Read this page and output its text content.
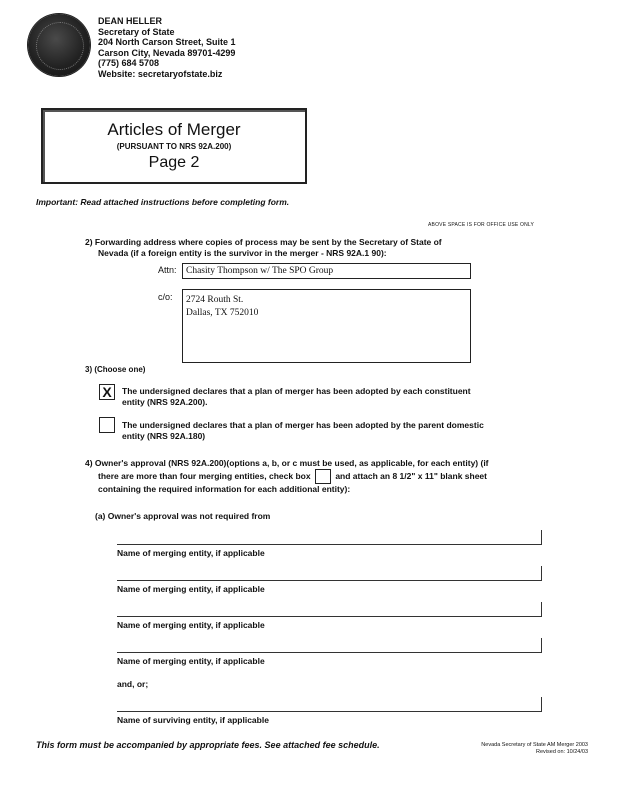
DEAN HELLER
Secretary of State
204 North Carson Street, Suite 1
Carson City, Nevada 89701-4299
(775) 684 5708
Website: secretaryofstate.biz
Articles of Merger
(PURSUANT TO NRS 92A.200)
Page 2
Important: Read attached instructions before completing form.
ABOVE SPACE IS FOR OFFICE USE ONLY
2) Forwarding address where copies of process may be sent by the Secretary of State of
Nevada (if a foreign entity is the survivor in the merger - NRS 92A.1 90):
Attn: Chasity Thompson w/ The SPO Group
c/o: 2724 Routh St.
Dallas, TX 752010
3) (Choose one)
X	The undersigned declares that a plan of merger has been adopted by each constituent
entity (NRS 92A.200).
The undersigned declares that a plan of merger has been adopted by the parent domestic
entity (NRS 92A.180)
4) Owner's approval (NRS 92A.200)(options a, b, or c must be used, as applicable, for each entity) (if
there are more than four merging entities, check box	and attach an 8 1/2" x 11" blank sheet
containing the required information for each additional entity):
(a) Owner's approval was not required from
Name of merging entity, if applicable
Name of merging entity, if applicable
Name of merging entity, if applicable
Name of merging entity, if applicable
and, or;
Name of surviving entity, if applicable
This form must be accompanied by appropriate fees. See attached fee schedule.	Nevada Secretary of State AM Merger 2003
Revised on: 10/24/03
